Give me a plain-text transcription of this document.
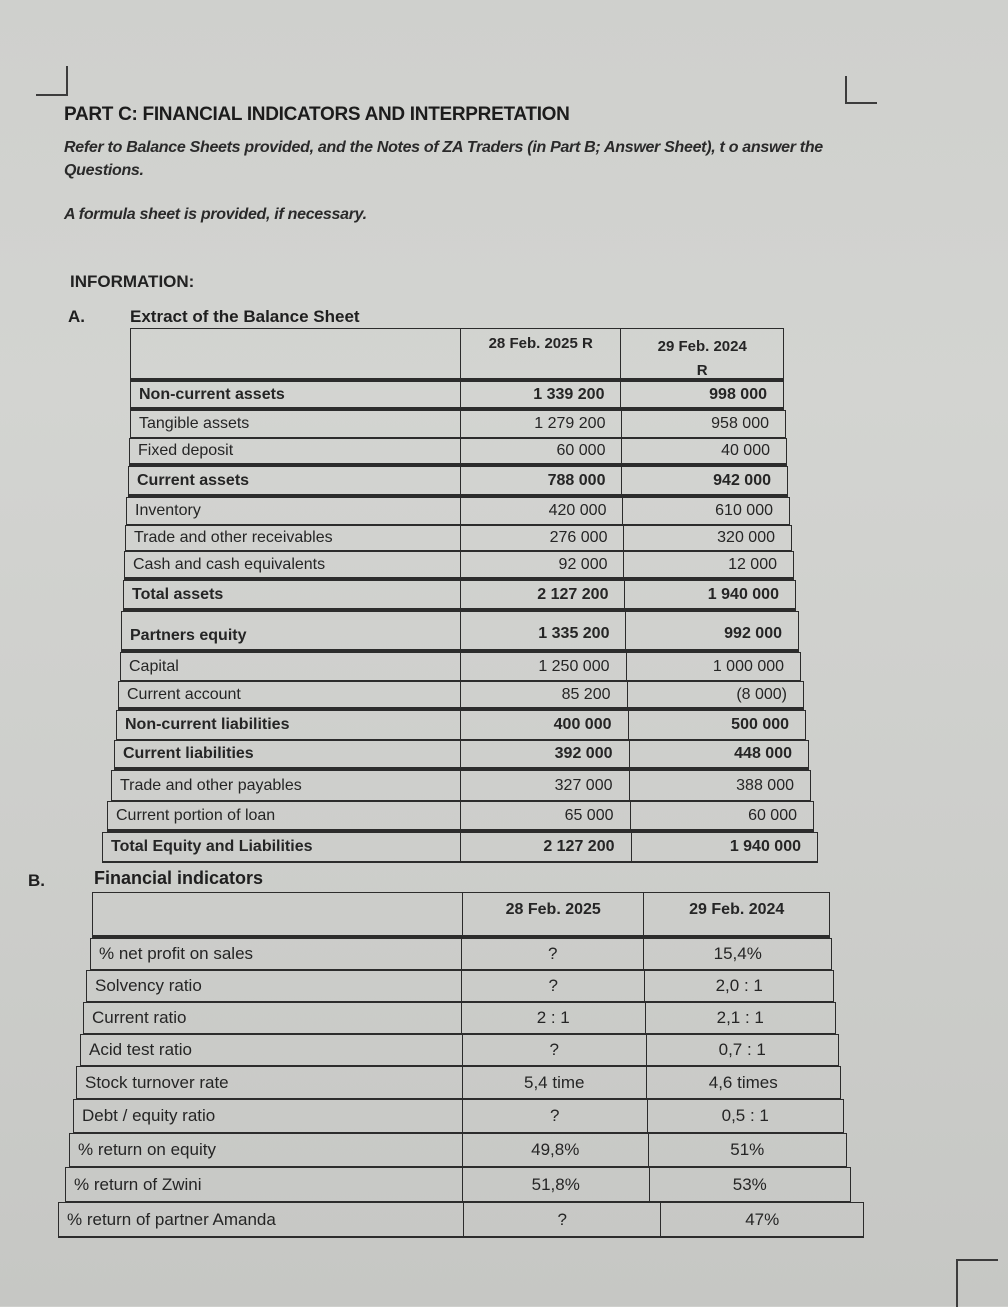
PART C: FINANCIAL INDICATORS AND INTERPRETATION
Refer to Balance Sheets provided, and the Notes of ZA Traders (in Part B; Answer Sheet), t o answer the Questions.
A formula sheet is provided, if necessary.
INFORMATION:
A.	Extract of the Balance Sheet
28 Feb. 2025 R	29 Feb. 2024
R
Non-current assets	1 339 200	998 000
Tangible assets	1 279 200	958 000
Fixed deposit	60 000	40 000
Current assets	788 000	942 000
Inventory	420 000	610 000
Trade and other receivables	276 000	320 000
Cash and cash equivalents	92 000	12 000
Total assets	2 127 200	1 940 000
Partners equity	1 335 200	992 000
Capital	1 250 000	1 000 000
Current account	85 200	(8 000)
Non-current liabilities	400 000	500 000
Current liabilities	392 000	448 000
Trade and other payables	327 000	388 000
Current portion of loan	65 000	60 000
Total Equity and Liabilities	2 127 200	1 940 000
B.	Financial indicators
28 Feb. 2025	29 Feb. 2024
% net profit on sales	?	15,4%
Solvency ratio	?	2,0 : 1
Current ratio	2 : 1	2,1 : 1
Acid test ratio	?	0,7 : 1
Stock turnover rate	5,4 time	4,6 times
Debt / equity ratio	?	0,5 : 1
% return on equity	49,8%	51%
% return of Zwini	51,8%	53%
% return of partner Amanda	?	47%
